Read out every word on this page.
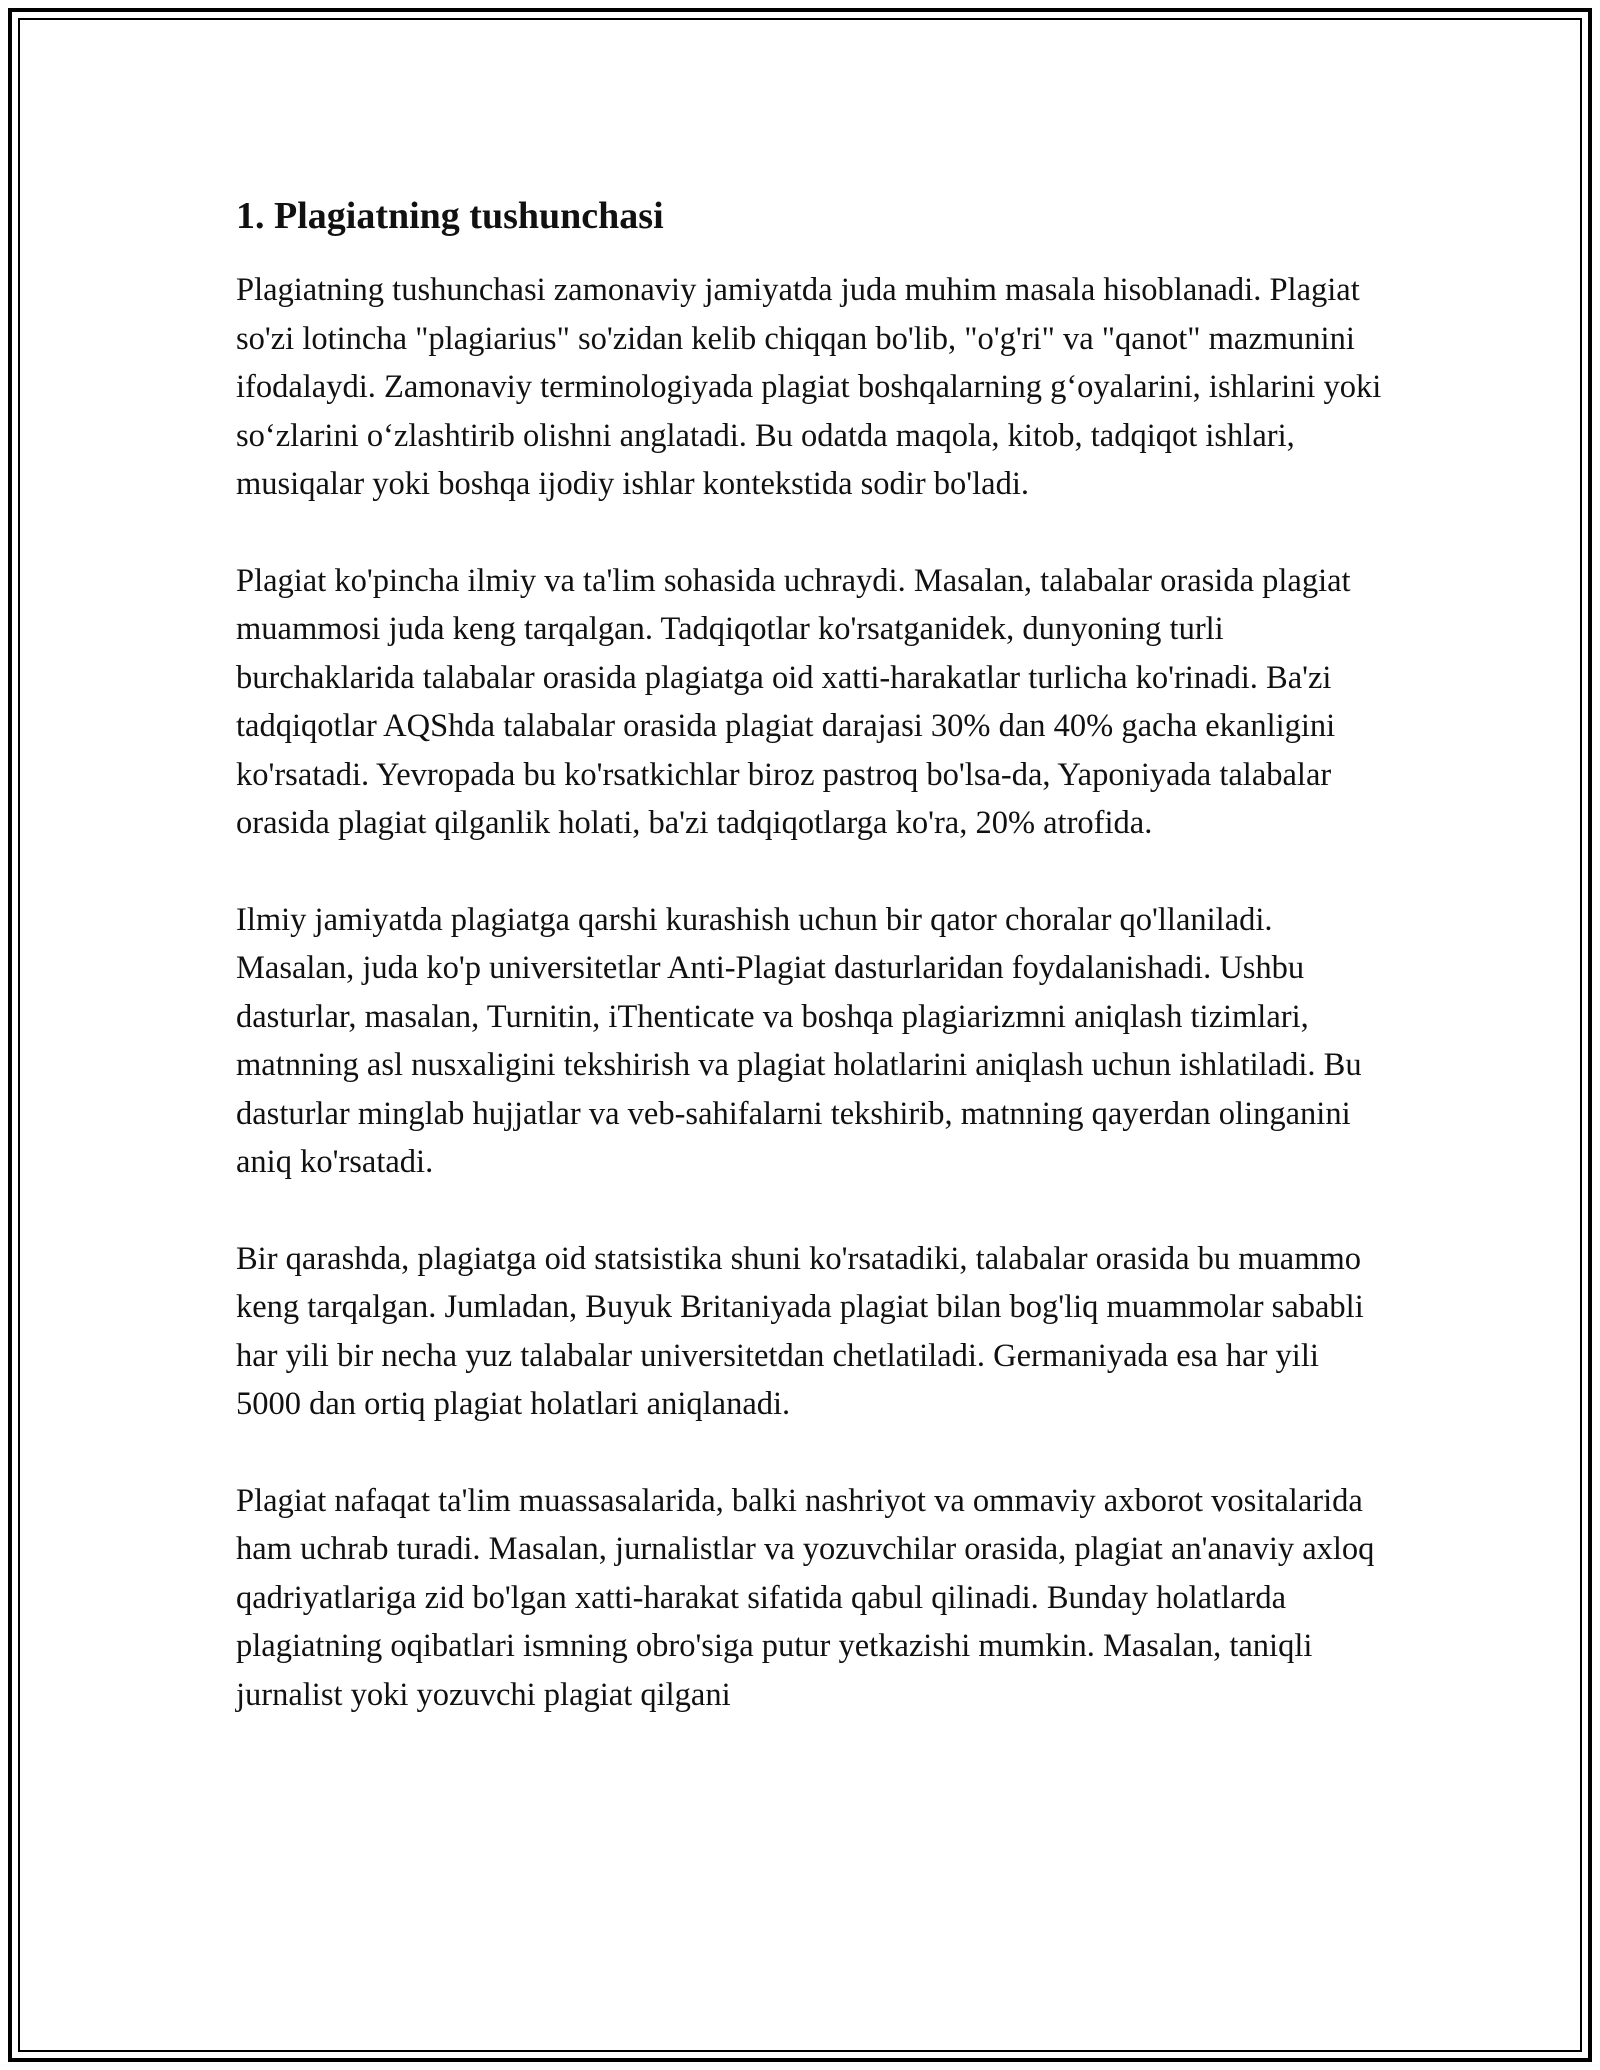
1. Plagiatning tushunchasi

Plagiatning tushunchasi zamonaviy jamiyatda juda muhim masala hisoblanadi. Plagiat so'zi lotincha "plagiarius" so'zidan kelib chiqqan bo'lib, "o'g'ri" va "qanot" mazmunini ifodalaydi. Zamonaviy terminologiyada plagiat boshqalarning g‘oyalarini, ishlarini yoki so‘zlarini o‘zlashtirib olishni anglatadi. Bu odatda maqola, kitob, tadqiqot ishlari, musiqalar yoki boshqa ijodiy ishlar kontekstida sodir bo'ladi.

Plagiat ko'pincha ilmiy va ta'lim sohasida uchraydi. Masalan, talabalar orasida plagiat muammosi juda keng tarqalgan. Tadqiqotlar ko'rsatganidek, dunyoning turli burchaklarida talabalar orasida plagiatga oid xatti-harakatlar turlicha ko'rinadi. Ba'zi tadqiqotlar AQShda talabalar orasida plagiat darajasi 30% dan 40% gacha ekanligini ko'rsatadi. Yevropada bu ko'rsatkichlar biroz pastroq bo'lsa-da, Yaponiyada talabalar orasida plagiat qilganlik holati, ba'zi tadqiqotlarga ko'ra, 20% atrofida.

Ilmiy jamiyatda plagiatga qarshi kurashish uchun bir qator choralar qo'llaniladi. Masalan, juda ko'p universitetlar Anti-Plagiat dasturlaridan foydalanishadi. Ushbu dasturlar, masalan, Turnitin, iThenticate va boshqa plagiarizmni aniqlash tizimlari, matnning asl nusxaligini tekshirish va plagiat holatlarini aniqlash uchun ishlatiladi. Bu dasturlar minglab hujjatlar va veb-sahifalarni tekshirib, matnning qayerdan olinganini aniq ko'rsatadi.

Bir qarashda, plagiatga oid statsistika shuni ko'rsatadiki, talabalar orasida bu muammo keng tarqalgan. Jumladan, Buyuk Britaniyada plagiat bilan bog'liq muammolar sababli har yili bir necha yuz talabalar universitetdan chetlatiladi. Germaniyada esa har yili 5000 dan ortiq plagiat holatlari aniqlanadi.

Plagiat nafaqat ta'lim muassasalarida, balki nashriyot va ommaviy axborot vositalarida ham uchrab turadi. Masalan, jurnalistlar va yozuvchilar orasida, plagiat an'anaviy axloq qadriyatlariga zid bo'lgan xatti-harakat sifatida qabul qilinadi. Bunday holatlarda plagiatning oqibatlari ismning obro'siga putur yetkazishi mumkin. Masalan, taniqli jurnalist yoki yozuvchi plagiat qilgani
